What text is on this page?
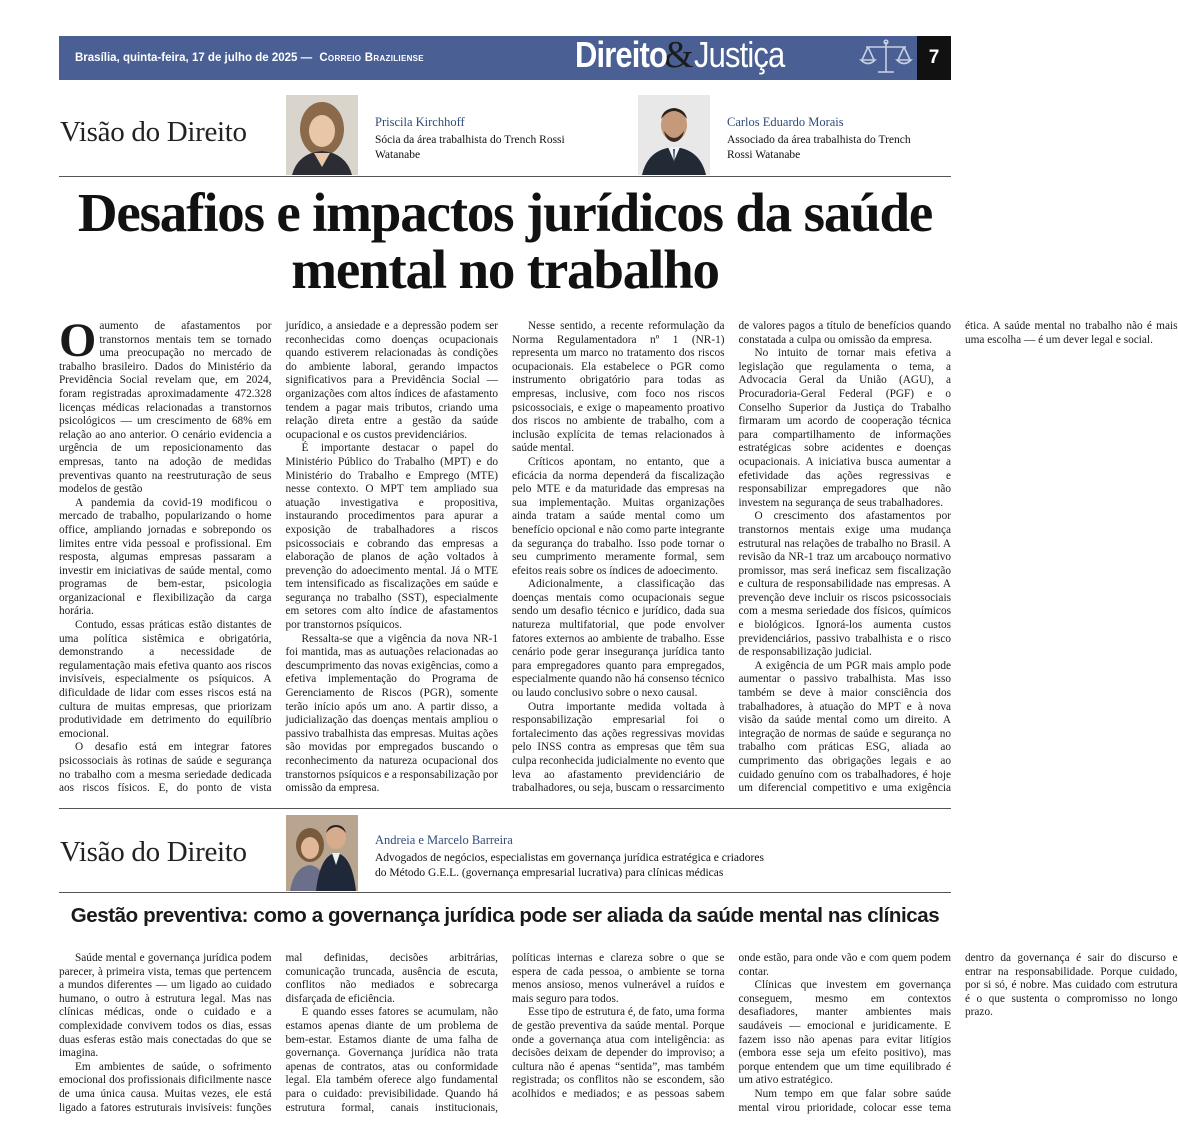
Brasília, quinta-feira, 17 de julho de 2025 — Correio Braziliense	Direito
& Justiça	7
Visão do Direito	Priscila Kirchhoff
Sócia da área trabalhista do Trench Rossi Watanabe
Carlos Eduardo Morais
Associado da área trabalhista do Trench Rossi Watanabe
Desafios e impactos jurídicos da saúde mental no trabalho

Oaumento de afastamentos por transtornos mentais tem se tornado uma preocupação no mercado de trabalho brasileiro. Dados do Ministério da Previdência Social revelam que, em 2024, foram registradas aproximadamente 472.328 licenças médicas relacionadas a transtornos psicológicos — um crescimento de 68% em relação ao ano anterior. O cenário evidencia a urgência de um reposicionamento das empresas, tanto na adoção de medidas preventivas quanto na reestruturação de seus modelos de gestão

A pandemia da covid-19 modificou o mercado de trabalho, popularizando o home office, ampliando jornadas e sobrepondo os limites entre vida pessoal e profissional. Em resposta, algumas empresas passaram a investir em iniciativas de saúde mental, como programas de bem-estar, psicologia organizacional e flexibilização da carga horária.

Contudo, essas práticas estão distantes de uma política sistêmica e obrigatória, demonstrando a necessidade de regulamentação mais efetiva quanto aos riscos invisíveis, especialmente os psíquicos. A dificuldade de lidar com esses riscos está na cultura de muitas empresas, que priorizam produtividade em detrimento do equilíbrio emocional.

O desafio está em integrar fatores psicossociais às rotinas de saúde e segurança no trabalho com a mesma seriedade dedicada aos riscos físicos. E, do ponto de vista jurídico, a ansiedade e a depressão podem ser reconhecidas como doenças ocupacionais quando estiverem relacionadas às condições do ambiente laboral, gerando impactos significativos para a Previdência Social — organizações com altos índices de afastamento tendem a pagar mais tributos, criando uma relação direta entre a gestão da saúde ocupacional e os custos previdenciários.

É importante destacar o papel do Ministério Público do Trabalho (MPT) e do Ministério do Trabalho e Emprego (MTE) nesse contexto. O MPT tem ampliado sua atuação investigativa e propositiva, instaurando procedimentos para apurar a exposição de trabalhadores a riscos psicossociais e cobrando das empresas a elaboração de planos de ação voltados à prevenção do adoecimento mental. Já o MTE tem intensificado as fiscalizações em saúde e segurança no trabalho (SST), especialmente em setores com alto índice de afastamentos por transtornos psíquicos.

Ressalta-se que a vigência da nova NR-1 foi mantida, mas as autuações relacionadas ao descumprimento das novas exigências, como a efetiva implementação do Programa de Gerenciamento de Riscos (PGR), somente terão início após um ano. A partir disso, a judicialização das doenças mentais ampliou o passivo trabalhista das empresas. Muitas ações são movidas por empregados buscando o reconhecimento da natureza ocupacional dos transtornos psíquicos e a responsabilização por omissão da empresa.

Nesse sentido, a recente reformulação da Norma Regulamentadora nº 1 (NR-1) representa um marco no tratamento dos riscos ocupacionais. Ela estabelece o PGR como instrumento obrigatório para todas as empresas, inclusive, com foco nos riscos psicossociais, e exige o mapeamento proativo dos riscos no ambiente de trabalho, com a inclusão explícita de temas relacionados à saúde mental.

Críticos apontam, no entanto, que a eficácia da norma dependerá da fiscalização pelo MTE e da maturidade das empresas na sua implementação. Muitas organizações ainda tratam a saúde mental como um benefício opcional e não como parte integrante da segurança do trabalho. Isso pode tornar o seu cumprimento meramente formal, sem efeitos reais sobre os índices de adoecimento.

Adicionalmente, a classificação das doenças mentais como ocupacionais segue sendo um desafio técnico e jurídico, dada sua natureza multifatorial, que pode envolver fatores externos ao ambiente de trabalho. Esse cenário pode gerar insegurança jurídica tanto para empregadores quanto para empregados, especialmente quando não há consenso técnico ou laudo conclusivo sobre o nexo causal.

Outra importante medida voltada à responsabilização empresarial foi o fortalecimento das ações regressivas movidas pelo INSS contra as empresas que têm sua culpa reconhecida judicialmente no evento que leva ao afastamento previdenciário de trabalhadores, ou seja, buscam o ressarcimento de valores pagos a título de benefícios quando constatada a culpa ou omissão da empresa.

No intuito de tornar mais efetiva a legislação que regulamenta o tema, a Advocacia Geral da União (AGU), a Procuradoria-Geral Federal (PGF) e o Conselho Superior da Justiça do Trabalho firmaram um acordo de cooperação técnica para compartilhamento de informações estratégicas sobre acidentes e doenças ocupacionais. A iniciativa busca aumentar a efetividade das ações regressivas e responsabilizar empregadores que não investem na segurança de seus trabalhadores.

O crescimento dos afastamentos por transtornos mentais exige uma mudança estrutural nas relações de trabalho no Brasil. A revisão da NR-1 traz um arcabouço normativo promissor, mas será ineficaz sem fiscalização e cultura de responsabilidade nas empresas. A prevenção deve incluir os riscos psicossociais com a mesma seriedade dos físicos, químicos e biológicos. Ignorá-los aumenta custos previdenciários, passivo trabalhista e o risco de responsabilização judicial.

A exigência de um PGR mais amplo pode aumentar o passivo trabalhista. Mas isso também se deve à maior consciência dos trabalhadores, à atuação do MPT e à nova visão da saúde mental como um direito. A integração de normas de saúde e segurança no trabalho com práticas ESG, aliada ao cumprimento das obrigações legais e ao cuidado genuíno com os trabalhadores, é hoje um diferencial competitivo e uma exigência ética. A saúde mental no trabalho não é mais uma escolha — é um dever legal e social.

Visão do Direito	Andreia e Marcelo Barreira
Advogados de negócios, especialistas em governança jurídica estratégica e criadores do Método G.E.L. (governança empresarial lucrativa) para clínicas médicas
Gestão preventiva: como a governança jurídica pode ser aliada da saúde mental nas clínicas

Saúde mental e governança jurídica podem parecer, à primeira vista, temas que pertencem a mundos diferentes — um ligado ao cuidado humano, o outro à estrutura legal. Mas nas clínicas médicas, onde o cuidado e a complexidade convivem todos os dias, essas duas esferas estão mais conectadas do que se imagina.

Em ambientes de saúde, o sofrimento emocional dos profissionais dificilmente nasce de uma única causa. Muitas vezes, ele está ligado a fatores estruturais invisíveis: funções mal definidas, decisões arbitrárias, comunicação truncada, ausência de escuta, conflitos não mediados e sobrecarga disfarçada de eficiência.

E quando esses fatores se acumulam, não estamos apenas diante de um problema de bem-estar. Estamos diante de uma falha de governança. Governança jurídica não trata apenas de contratos, atas ou conformidade legal. Ela também oferece algo fundamental para o cuidado: previsibilidade. Quando há estrutura formal, canais institucionais, políticas internas e clareza sobre o que se espera de cada pessoa, o ambiente se torna menos ansioso, menos vulnerável a ruídos e mais seguro para todos.

Esse tipo de estrutura é, de fato, uma forma de gestão preventiva da saúde mental. Porque onde a governança atua com inteligência: as decisões deixam de depender do improviso; a cultura não é apenas “sentida”, mas também registrada; os conflitos não se escondem, são acolhidos e mediados; e as pessoas sabem onde estão, para onde vão e com quem podem contar.

Clínicas que investem em governança conseguem, mesmo em contextos desafiadores, manter ambientes mais saudáveis — emocional e juridicamente. E fazem isso não apenas para evitar litígios (embora esse seja um efeito positivo), mas porque entendem que um time equilibrado é um ativo estratégico.

Num tempo em que falar sobre saúde mental virou prioridade, colocar esse tema dentro da governança é sair do discurso e entrar na responsabilidade. Porque cuidado, por si só, é nobre. Mas cuidado com estrutura é o que sustenta o compromisso no longo prazo.
